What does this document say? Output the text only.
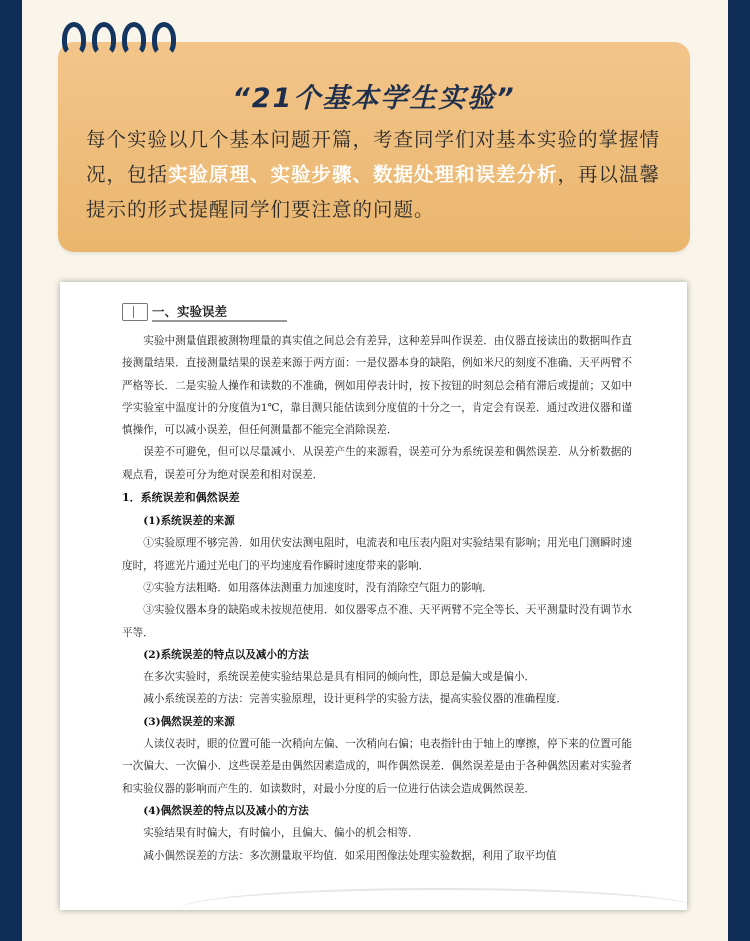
“21个基本学生实验”
每个实验以几个基本问题开篇，考查同学们对基本实验的掌握情况，包括实验原理、实验步骤、数据处理和误差分析，再以温馨提示的形式提醒同学们要注意的问题。
一、实验误差

实验中测量值跟被测物理量的真实值之间总会有差异，这种差异叫作误差．由仪器直接读出的数据叫作直接测量结果．直接测量结果的误差来源于两方面：一是仪器本身的缺陷，例如米尺的刻度不准确、天平两臂不严格等长．二是实验人操作和读数的不准确，例如用停表计时，按下按钮的时刻总会稍有滞后或提前；又如中学实验室中温度计的分度值为1℃，靠目测只能估读到分度值的十分之一，肯定会有误差．通过改进仪器和谨慎操作，可以减小误差，但任何测量都不能完全消除误差．

误差不可避免，但可以尽量减小．从误差产生的来源看，误差可分为系统误差和偶然误差．从分析数据的观点看，误差可分为绝对误差和相对误差．

1．系统误差和偶然误差

(1)系统误差的来源

①实验原理不够完善．如用伏安法测电阻时，电流表和电压表内阻对实验结果有影响；用光电门测瞬时速度时，将遮光片通过光电门的平均速度看作瞬时速度带来的影响．

②实验方法粗略．如用落体法测重力加速度时，没有消除空气阻力的影响．

③实验仪器本身的缺陷或未按规范使用．如仪器零点不准、天平两臂不完全等长、天平测量时没有调节水平等．

(2)系统误差的特点以及减小的方法

在多次实验时，系统误差使实验结果总是具有相同的倾向性，即总是偏大或是偏小．

减小系统误差的方法：完善实验原理，设计更科学的实验方法，提高实验仪器的准确程度．

(3)偶然误差的来源

人读仪表时，眼的位置可能一次稍向左偏、一次稍向右偏；电表指针由于轴上的摩擦，停下来的位置可能一次偏大、一次偏小．这些误差是由偶然因素造成的，叫作偶然误差．偶然误差是由于各种偶然因素对实验者和实验仪器的影响而产生的．如读数时，对最小分度的后一位进行估读会造成偶然误差．

(4)偶然误差的特点以及减小的方法

实验结果有时偏大，有时偏小，且偏大、偏小的机会相等．

减小偶然误差的方法：多次测量取平均值．如采用图像法处理实验数据，利用了取平均值
